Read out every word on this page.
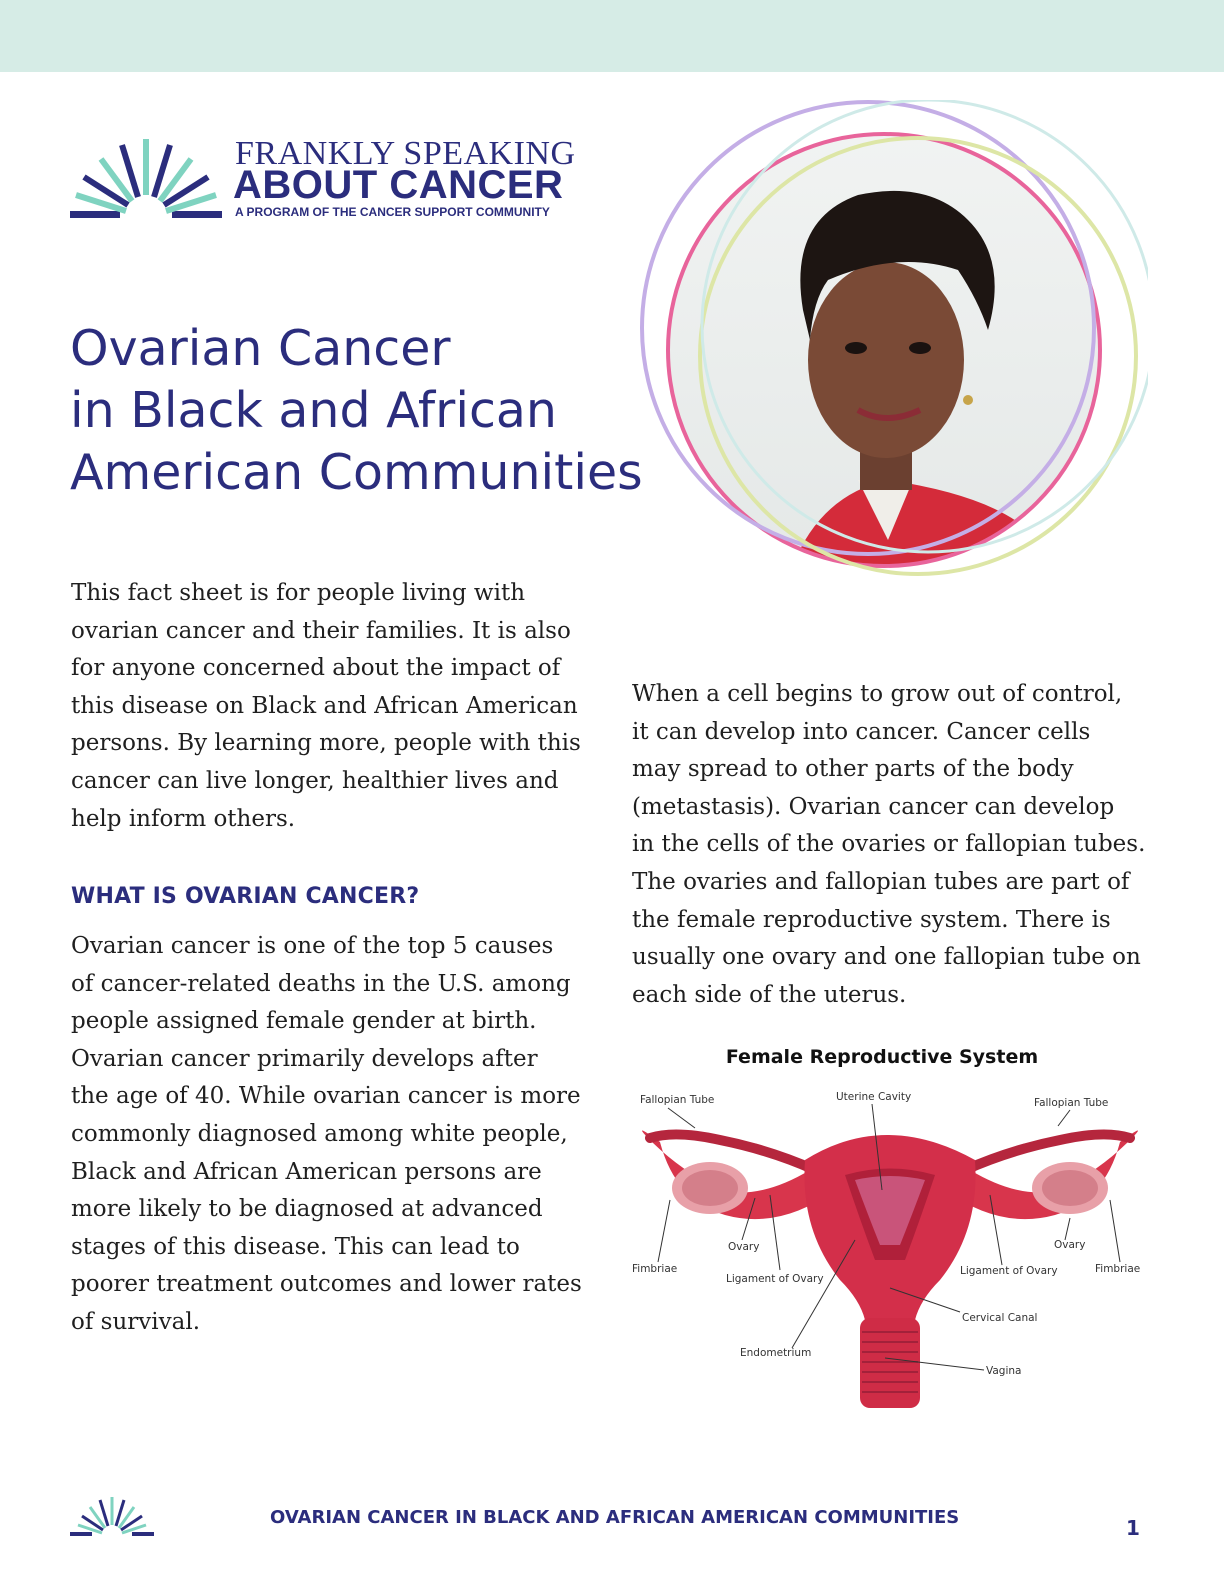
FRANKLY SPEAKING
ABOUT CANCER
A PROGRAM OF THE CANCER SUPPORT COMMUNITY
Ovarian Cancer
in Black and African
American Communities
This fact sheet is for people living with
ovarian cancer and their families. It is also
for anyone concerned about the impact of
this disease on Black and African American
persons. By learning more, people with this
cancer can live longer, healthier lives and
help inform others.
WHAT IS OVARIAN CANCER?
Ovarian cancer is one of the top 5 causes
of cancer-related deaths in the U.S. among
people assigned female gender at birth.
Ovarian cancer primarily develops after
the age of 40. While ovarian cancer is more
commonly diagnosed among white people,
Black and African American persons are
more likely to be diagnosed at advanced
stages of this disease. This can lead to
poorer treatment outcomes and lower rates
of survival.
When a cell begins to grow out of control,
it can develop into cancer. Cancer cells
may spread to other parts of the body
(metastasis). Ovarian cancer can develop
in the cells of the ovaries or fallopian tubes.
The ovaries and fallopian tubes are part of
the female reproductive system. There is
usually one ovary and one fallopian tube on
each side of the uterus.
Female Reproductive System
Fallopian Tube	Uterine Cavity	Fallopian Tube
Ovary	Ovary
Fimbriae	Fimbriae
Ligament of Ovary
Ligament of Ovary
Cervical Canal
Endometrium
Vagina
OVARIAN CANCER IN BLACK AND AFRICAN AMERICAN COMMUNITIES	1
